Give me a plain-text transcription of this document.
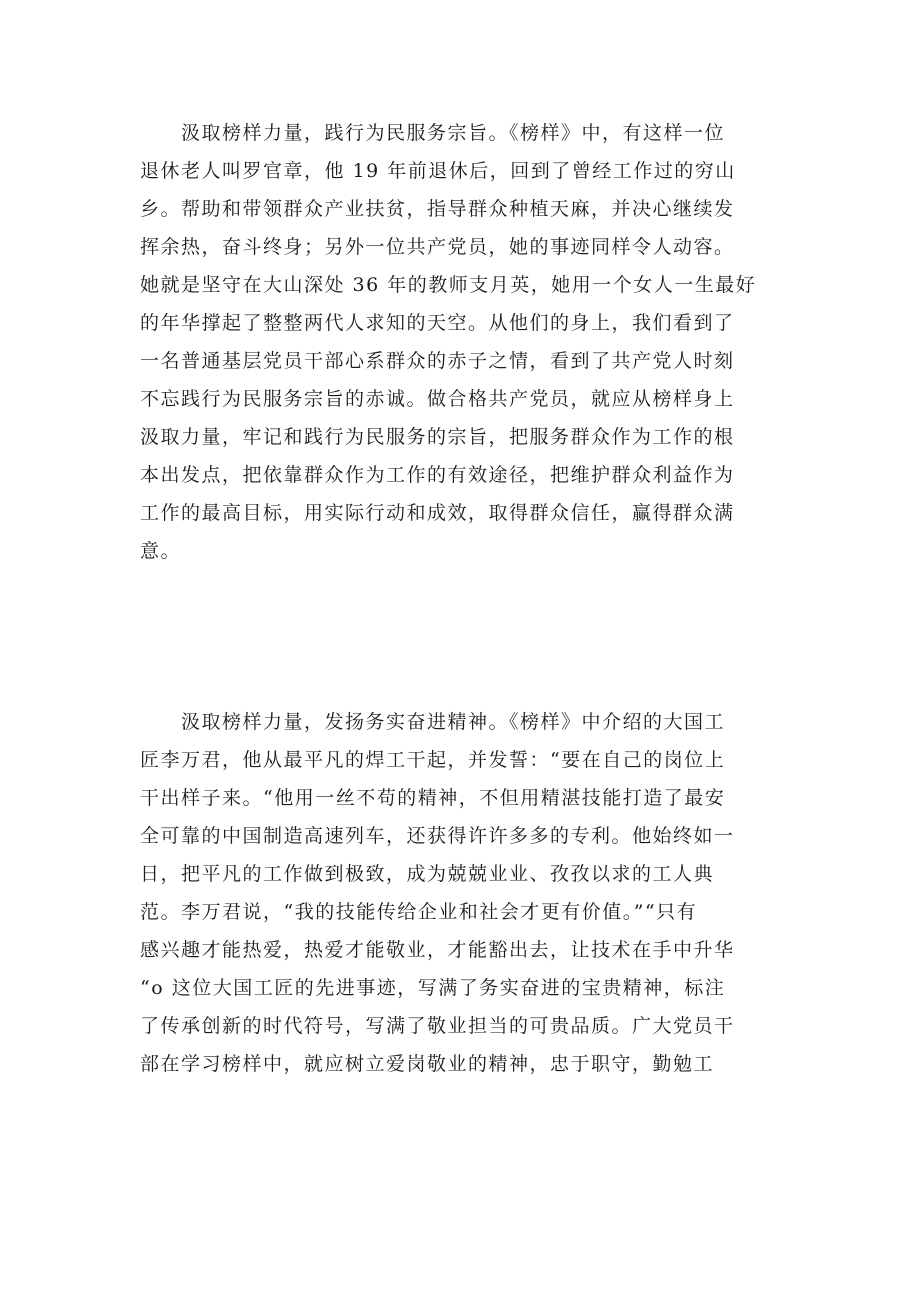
　　汲取榜样力量，践行为民服务宗旨。《榜样》中，有这样一位
退休老人叫罗官章，他 19 年前退休后，回到了曾经工作过的穷山
乡。帮助和带领群众产业扶贫，指导群众种植天麻，并决心继续发
挥余热，奋斗终身；另外一位共产党员，她的事迹同样令人动容。
她就是坚守在大山深处 36 年的教师支月英，她用一个女人一生最好
的年华撑起了整整两代人求知的天空。从他们的身上，我们看到了
一名普通基层党员干部心系群众的赤子之情，看到了共产党人时刻
不忘践行为民服务宗旨的赤诚。做合格共产党员，就应从榜样身上
汲取力量，牢记和践行为民服务的宗旨，把服务群众作为工作的根
本出发点，把依靠群众作为工作的有效途径，把维护群众利益作为
工作的最高目标，用实际行动和成效，取得群众信任，赢得群众满
意。
　　汲取榜样力量，发扬务实奋进精神。《榜样》中介绍的大国工
匠李万君，他从最平凡的焊工干起，并发誓：“要在自己的岗位上
干出样子来。“他用一丝不苟的精神，不但用精湛技能打造了最安
全可靠的中国制造高速列车，还获得许许多多的专利。他始终如一
日，把平凡的工作做到极致，成为兢兢业业、孜孜以求的工人典
范。李万君说，“我的技能传给企业和社会才更有价值。”“只有
感兴趣才能热爱，热爱才能敬业，才能豁出去，让技术在手中升华
“o 这位大国工匠的先进事迹，写满了务实奋进的宝贵精神，标注
了传承创新的时代符号，写满了敬业担当的可贵品质。广大党员干
部在学习榜样中，就应树立爱岗敬业的精神，忠于职守，勤勉工
